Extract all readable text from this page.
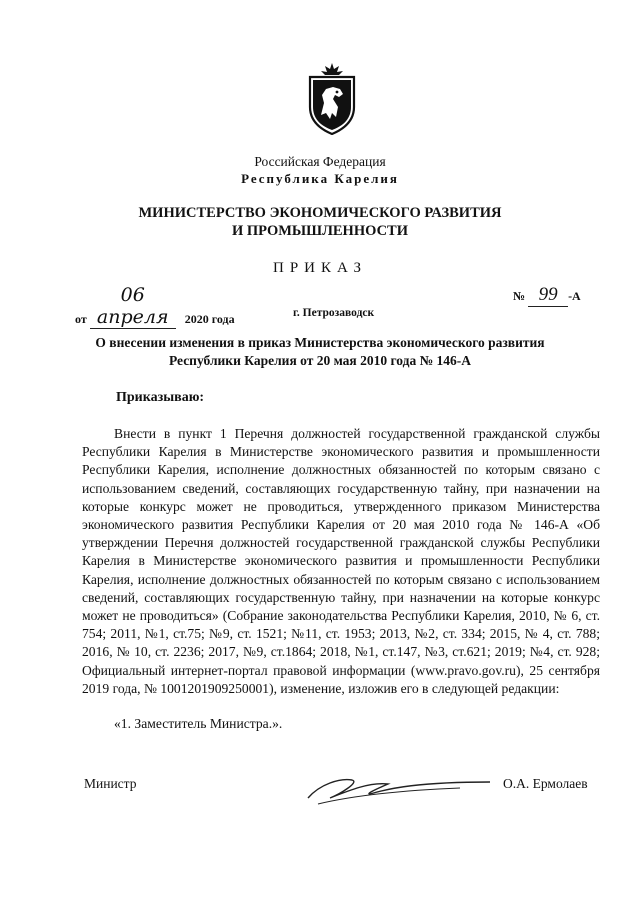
Российская Федерация
Республика Карелия
МИНИСТЕРСТВО ЭКОНОМИЧЕСКОГО РАЗВИТИЯ
И ПРОМЫШЛЕННОСТИ
ПРИКАЗ
от 06 апреля 2020 года	г. Петрозаводск
№ 99 -А
О внесении изменения в приказ Министерства экономического развития
Республики Карелия от 20 мая 2010 года № 146-А
Приказываю:
Внести в пункт 1 Перечня должностей государственной гражданской службы Республики Карелия в Министерстве экономического развития и промышленности Республики Карелия, исполнение должностных обязанностей по которым связано с использованием сведений, составляющих государственную тайну, при назначении на которые конкурс может не проводиться, утвержденного приказом Министерства экономического развития Республики Карелия от 20 мая 2010 года № 146-А «Об утверждении Перечня должностей государственной гражданской службы Республики Карелия в Министерстве экономического развития и промышленности Республики Карелия, исполнение должностных обязанностей по которым связано с использованием сведений, составляющих государственную тайну, при назначении на которые конкурс может не проводиться» (Собрание законодательства Республики Карелия, 2010, № 6, ст. 754; 2011, №1, ст.75; №9, ст. 1521; №11, ст. 1953; 2013, №2, ст. 334; 2015, № 4, ст. 788; 2016, № 10, ст. 2236; 2017, №9, ст.1864; 2018, №1, ст.147, №3, ст.621; 2019; №4, ст. 928; Официальный интернет-портал правовой информации (www.pravo.gov.ru), 25 сентября 2019 года, № 1001201909250001), изменение, изложив его в следующей редакции:
«1. Заместитель Министра.».
Министр	О.А. Ермолаев
